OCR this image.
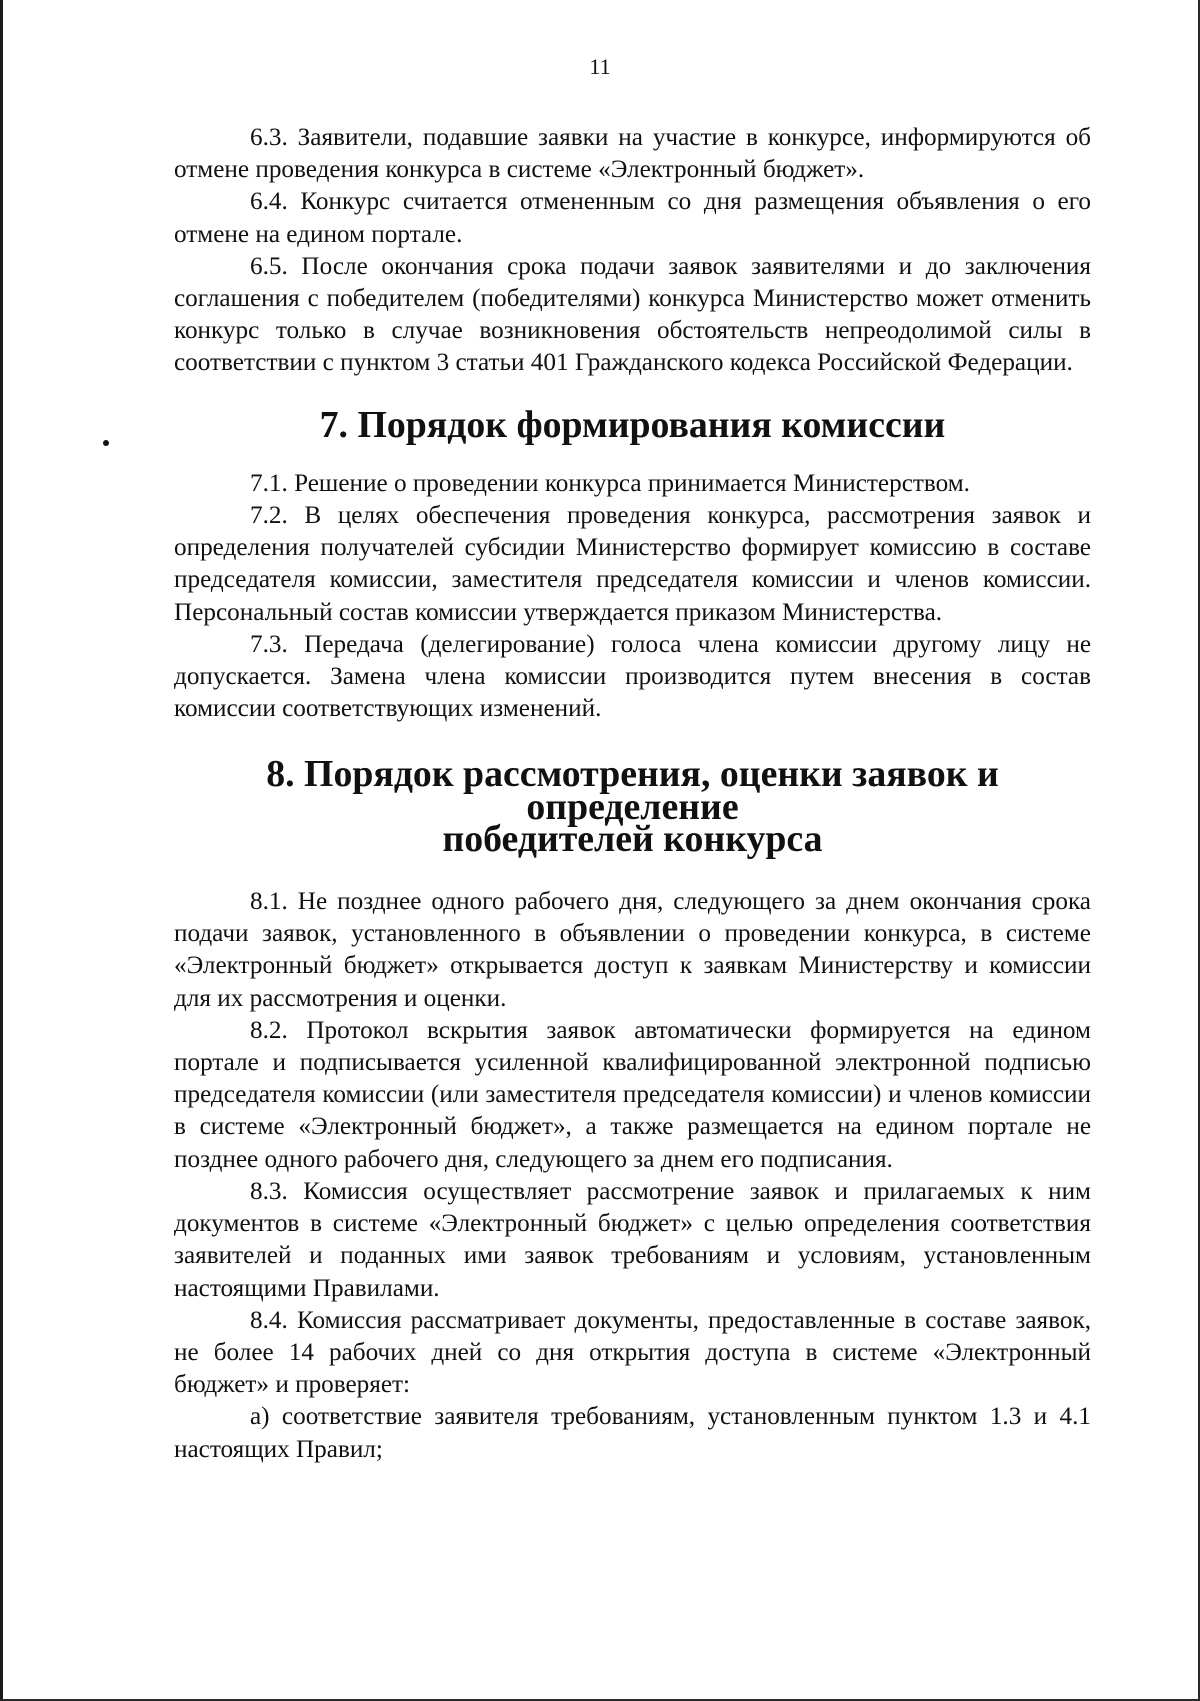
11

6.3. Заявители, подавшие заявки на участие в конкурсе, информируются об отмене проведения конкурса в системе «Электронный бюджет».

6.4. Конкурс считается отмененным со дня размещения объявления о его отмене на едином портале.

6.5. После окончания срока подачи заявок заявителями и до заключения соглашения с победителем (победителями) конкурса Министерство может отменить конкурс только в случае возникновения обстоятельств непреодолимой силы в соответствии с пунктом 3 статьи 401 Гражданского кодекса Российской Федерации.

7. Порядок формирования комиссии

7.1. Решение о проведении конкурса принимается Министерством.

7.2. В целях обеспечения проведения конкурса, рассмотрения заявок и определения получателей субсидии Министерство формирует комиссию в составе председателя комиссии, заместителя председателя комиссии и членов комиссии. Персональный состав комиссии утверждается приказом Министерства.

7.3. Передача (делегирование) голоса члена комиссии другому лицу не допускается. Замена члена комиссии производится путем внесения в состав комиссии соответствующих изменений.

8. Порядок рассмотрения, оценки заявок и определение
победителей конкурса

8.1. Не позднее одного рабочего дня, следующего за днем окончания срока подачи заявок, установленного в объявлении о проведении конкурса, в системе «Электронный бюджет» открывается доступ к заявкам Министерству и комиссии для их рассмотрения и оценки.

8.2. Протокол вскрытия заявок автоматически формируется на едином портале и подписывается усиленной квалифицированной электронной подписью председателя комиссии (или заместителя председателя комиссии) и членов комиссии в системе «Электронный бюджет», а также размещается на едином портале не позднее одного рабочего дня, следующего за днем его подписания.

8.3. Комиссия осуществляет рассмотрение заявок и прилагаемых к ним документов в системе «Электронный бюджет» с целью определения соответствия заявителей и поданных ими заявок требованиям и условиям, установленным настоящими Правилами.

8.4. Комиссия рассматривает документы, предоставленные в составе заявок, не более 14 рабочих дней со дня открытия доступа в системе «Электронный бюджет» и проверяет:

а) соответствие заявителя требованиям, установленным пунктом 1.3 и 4.1 настоящих Правил;
